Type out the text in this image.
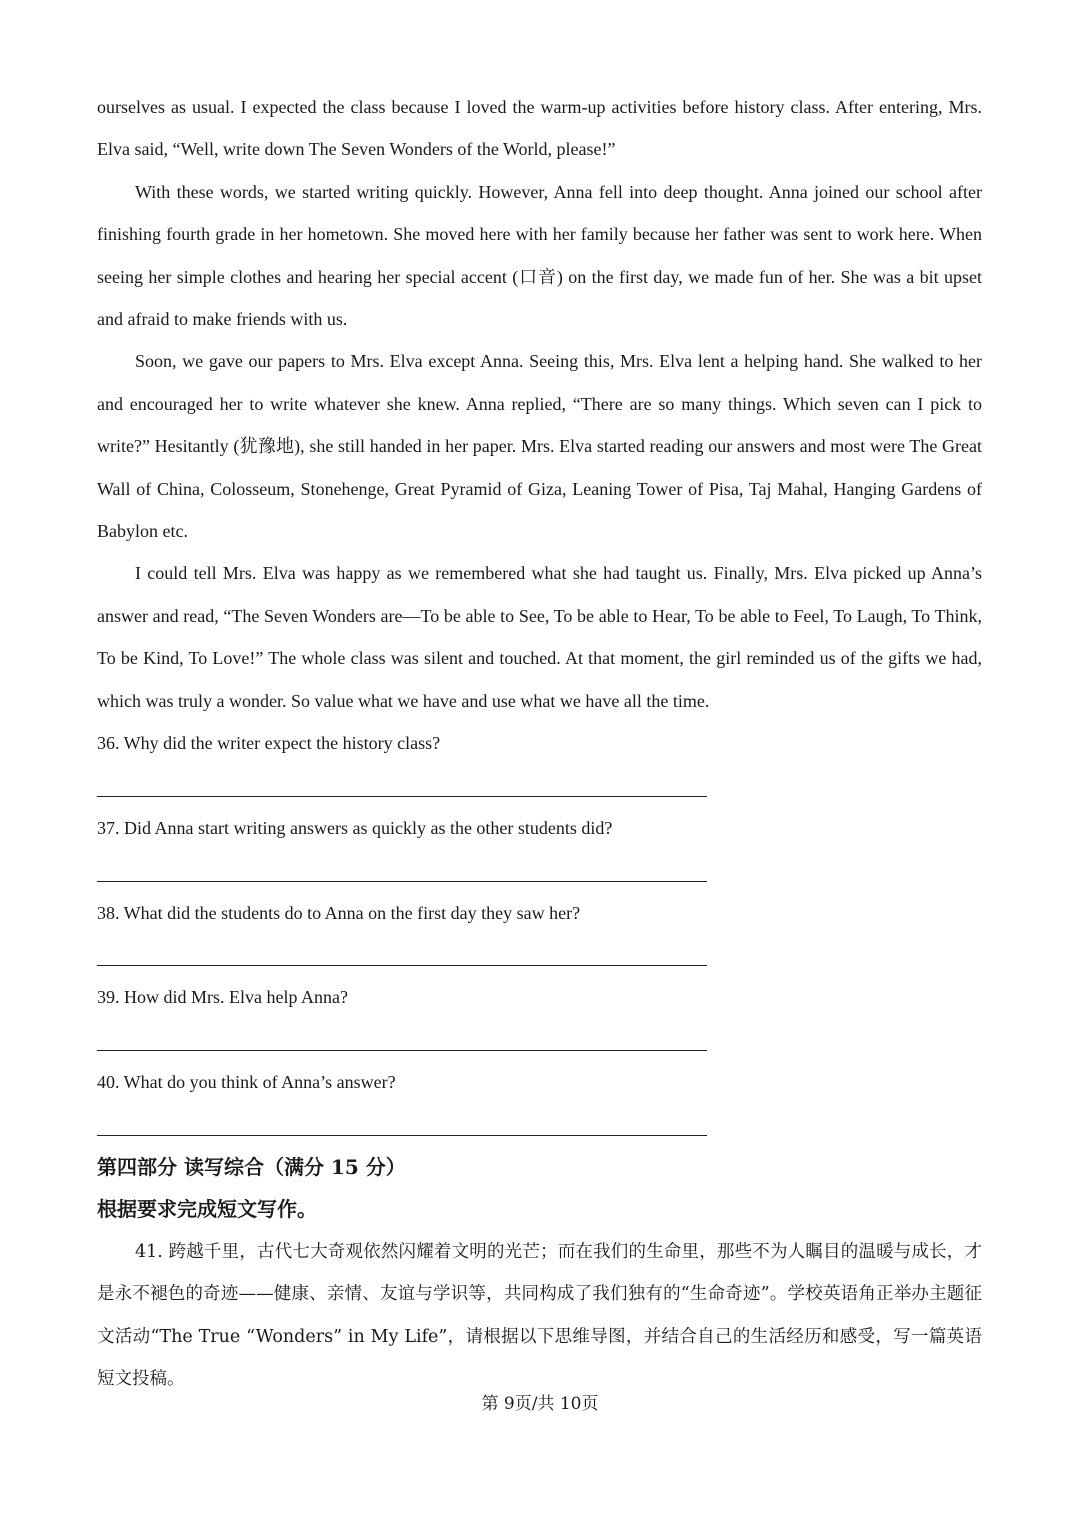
ourselves as usual. I expected the class because I loved the warm-up activities before history class. After entering, Mrs. Elva said, “Well, write down The Seven Wonders of the World, please!”

With these words, we started writing quickly. However, Anna fell into deep thought. Anna joined our school after finishing fourth grade in her hometown. She moved here with her family because her father was sent to work here. When seeing her simple clothes and hearing her special accent (口音) on the first day, we made fun of her. She was a bit upset and afraid to make friends with us.

Soon, we gave our papers to Mrs. Elva except Anna. Seeing this, Mrs. Elva lent a helping hand. She walked to her and encouraged her to write whatever she knew. Anna replied, “There are so many things. Which seven can I pick to write?” Hesitantly (犹豫地), she still handed in her paper. Mrs. Elva started reading our answers and most were The Great Wall of China, Colosseum, Stonehenge, Great Pyramid of Giza, Leaning Tower of Pisa, Taj Mahal, Hanging Gardens of Babylon etc.

I could tell Mrs. Elva was happy as we remembered what she had taught us. Finally, Mrs. Elva picked up Anna’s answer and read, “The Seven Wonders are—To be able to See, To be able to Hear, To be able to Feel, To Laugh, To Think, To be Kind, To Love!” The whole class was silent and touched. At that moment, the girl reminded us of the gifts we had, which was truly a wonder. So value what we have and use what we have all the time.

36. Why did the writer expect the history class?

37. Did Anna start writing answers as quickly as the other students did?

38. What did the students do to Anna on the first day they saw her?

39. How did Mrs. Elva help Anna?

40. What do you think of Anna’s answer?

第四部分 读写综合（满分 15 分）

根据要求完成短文写作。

41. 跨越千里，古代七大奇观依然闪耀着文明的光芒；而在我们的生命里，那些不为人瞩目的温暖与成长，才是永不褪色的奇迹——健康、亲情、友谊与学识等，共同构成了我们独有的“生命奇迹”。学校英语角正举办主题征文活动“The True “Wonders” in My Life”，请根据以下思维导图，并结合自己的生活经历和感受，写一篇英语短文投稿。

第 9页/共 10页
